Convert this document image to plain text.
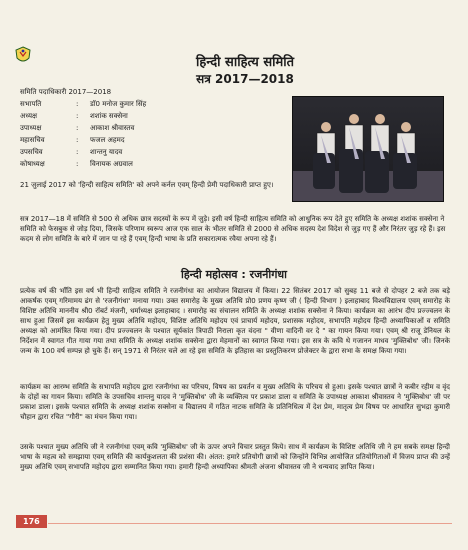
हिन्दी साहित्य समिति
सत्र 2017—2018
समिति पदाधिकारी 2017—2018
सभापति	:	डॉ0 मनोज कुमार सिंह
अध्यक्ष	:	शशांक सक्सेना
उपाध्यक्ष	:	आकाश श्रीवास्तव
महासचिव	:	फजल अहमद
उपसचिव	:	शान्तनु यादव
कोषाध्यक्ष	:	विनायक अग्रवाल

21 जुलाई 2017 को 'हिन्दी साहित्य समिति' को अपने कर्नल एवम् हिन्दी प्रेमी पदाधिकारी प्राप्त हुए।

सत्र 2017—18 में समिति से 500 से अधिक छात्र सदस्यों के रूप में जुड़े। इसी वर्ष हिन्दी साहित्य समिति को आधुनिक रूप देते हुए समिति के अध्यक्ष शशांक सक्सेना ने समिति को फेसबुक से जोड़ दिया, जिसके परिणाम स्वरूप आज एक साल के भीतर समिति से 2000 से अधिक सदस्य देश विदेश से जुड़ गए हैं और निरंतर जुड़ रहे हैं। इस कदम से लोग समिति के बारे में जान पा रहे हैं एवम् हिन्दी भाषा के प्रति सकारात्मक रवैया अपना रहे हैं।

हिन्दी महोत्सव : रजनीगंधा

प्रत्येक वर्ष की भाँति इस वर्ष भी हिन्दी साहित्य समिति ने रजनीगंधा का आयोजन विद्यालय में किया। 22 सितंबर 2017 को सुबह 11 बजे से दोपहर 2 बजे तक बड़े आकर्षक एवम् गरिमामय ढंग से 'रजनीगंधा' मनाया गया। उक्त समारोह के मुख्य अतिथि प्रो0 प्रणय कृष्ण जी ( हिन्दी विभाग ) इलाहाबाद विश्वविद्यालय एवम् समारोह के विशिष्ट अतिथि माननीय श्री0 रॉबर्ट मंजनी, धर्माध्यक्ष इलाहाबाद । समारोह का संचालन समिति के अध्यक्ष शशांक सक्सेना ने किया। कार्यक्रम का आरंभ दीप प्रज्ज्वलन के साथ हुआ जिसमें इस कार्यक्रम हेतु मुख्य अतिथि महोदय, विशिष्ट अतिथि महोदय एवं प्राचार्य महोदय, प्रशासक महोदय, सभापति महोदय हिन्दी अध्यापिकाओं व समिति अध्यक्ष को आमंत्रित किया गया। दीप प्रज्ज्वलन के पश्चात सूर्यकांत त्रिपाठी निराला कृत वंदना " वीणा वादिनी वर दे " का गायन किया गया। एवम् श्री राजू डेनियल के निर्देशन में स्वागत गीत गाया गया तथा समिति के अध्यक्ष शशांक सक्सेना द्वारा मेहमानों का स्वागत किया गया। इस सत्र के कवि थे गजानन माधव 'मुक्तिबोध' जी। जिनके जन्म के 100 वर्ष सम्पन्न हो चुके हैं। सन् 1971 से निरंतर चले आ रहे इस समिति के इतिहास का प्रस्तुतिकरण प्रोजेक्टर के द्वारा सभा के समक्ष किया गया।

कार्यक्रम का आरम्भ समिति के सभापति महोदय द्वारा रजनीगंधा का परिचय, विषय का प्रवर्तन व मुख्य अतिथि के परिचय से हुआ। इसके पश्चात छात्रों ने कबीर रहीम व वृंद के दोहों का गायन किया। समिति के उपसचिव शान्तनु यादव ने 'मुक्तिबोध' जी के व्यक्तित्व पर प्रकाश डाला व समिति के उपाध्यक्ष आकाश श्रीवास्तव ने 'मुक्तिबोध' जी पर प्रकाश डाला। इसके पश्चात समिति के अध्यक्ष शशांक सक्सेना व विद्यालय में गठित नाटक समिति के प्रतिनिधित्व में देश प्रेम, मातृत्व प्रेम विषय पर आधारित सुभद्रा कुमारी चौहान द्वारा रचित "गौरी" का मंचन किया गया।

उसके पश्चात मुख्य अतिथि जी ने रजनीगंधा एवम् कवि 'मुक्तिबोध' जी के ऊपर अपने विचार प्रस्तुत किये। साथ में कार्यक्रम के विशिष्ट अतिथि जी ने हम सबके समक्ष हिन्दी भाषा के महत्व को समझाया एवम् समिति की कार्यकुशलता की प्रशंसा की। अंतत: हमारे प्रतियोगी छात्रों को जिन्होंने विभिन्न आयोजित प्रतियोगिताओं में विजय प्राप्त की उन्हें मुख्य अतिथि एवम् सभापति महोदय द्वारा सम्मानित किया गया। हमारी हिन्दी अध्यापिका श्रीमती अंजना श्रीवास्तव जी ने धन्यवाद ज्ञापित किया।

176
